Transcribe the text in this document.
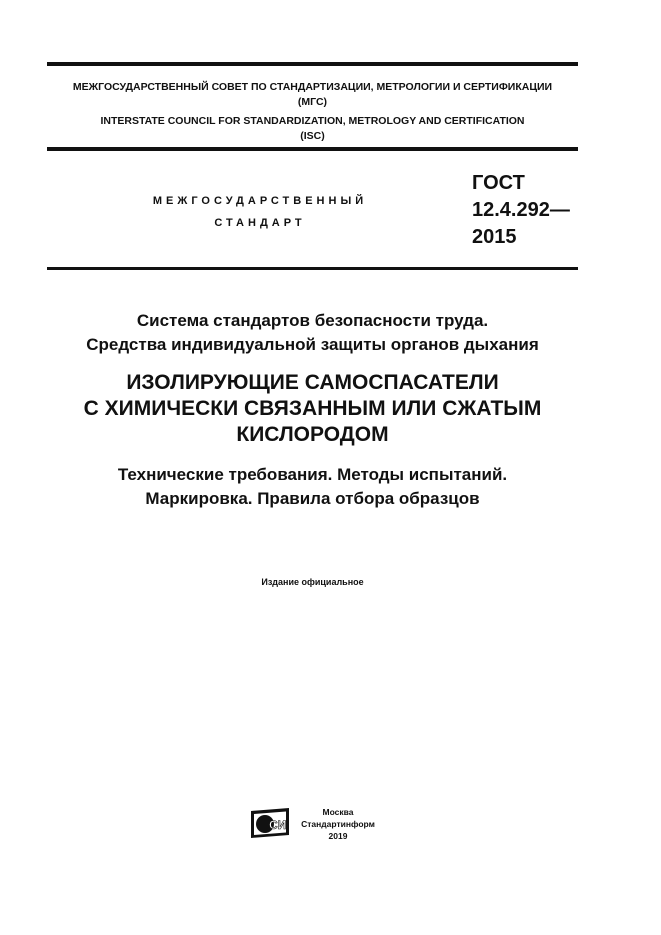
МЕЖГОСУДАРСТВЕННЫЙ СОВЕТ ПО СТАНДАРТИЗАЦИИ, МЕТРОЛОГИИ И СЕРТИФИКАЦИИ
(МГС)
INTERSTATE COUNCIL FOR STANDARDIZATION, METROLOGY AND CERTIFICATION
(ISC)
МЕЖГОСУДАРСТВЕННЫЙ
СТАНДАРТ
ГОСТ
12.4.292—
2015
Система стандартов безопасности труда.
Средства индивидуальной защиты органов дыхания
ИЗОЛИРУЮЩИЕ САМОСПАСАТЕЛИ
С ХИМИЧЕСКИ СВЯЗАННЫМ ИЛИ СЖАТЫМ
КИСЛОРОДОМ
Технические требования. Методы испытаний.
Маркировка. Правила отбора образцов
Издание официальное
СИ
Москва
Стандартинформ
2019
